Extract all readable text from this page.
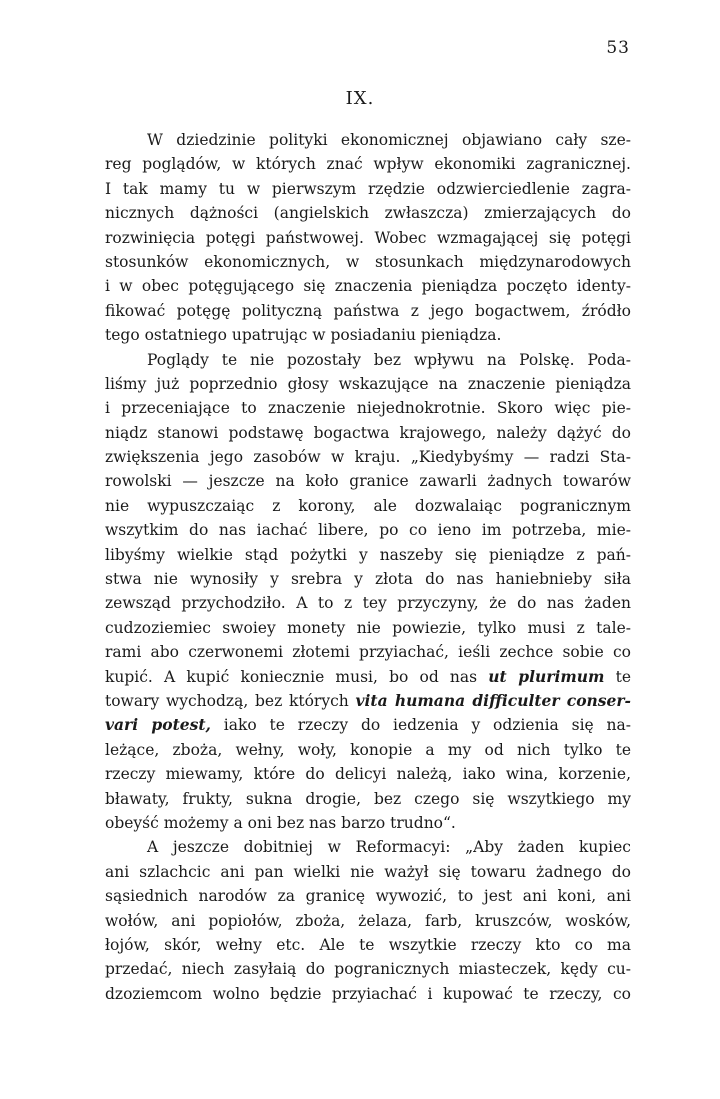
53
IX.
W dziedzinie polityki ekonomicznej objawiano cały sze-
reg poglądów, w których znać wpływ ekonomiki zagranicznej.
I tak mamy tu w pierwszym rzędzie odzwierciedlenie zagra-
nicznych dążności (angielskich zwłaszcza) zmierzających do
rozwinięcia potęgi państwowej. Wobec wzmagającej się potęgi
stosunków ekonomicznych, w stosunkach międzynarodowych
i w obec potęgującego się znaczenia pieniądza poczęto identy-
fikować potęgę polityczną państwa z jego bogactwem, źródło
tego ostatniego upatrując w posiadaniu pieniądza.
Poglądy te nie pozostały bez wpływu na Polskę. Poda-
liśmy już poprzednio głosy wskazujące na znaczenie pieniądza
i przeceniające to znaczenie niejednokrotnie. Skoro więc pie-
niądz stanowi podstawę bogactwa krajowego, należy dążyć do
zwiększenia jego zasobów w kraju. „Kiedybyśmy — radzi Sta-
rowolski — jeszcze na koło granice zawarli żadnych towarów
nie wypuszczaiąc z korony, ale dozwalaiąc pogranicznym
wszytkim do nas iachać libere, po co ieno im potrzeba, mie-
libyśmy wielkie stąd pożytki y naszeby się pieniądze z pań-
stwa nie wynosiły y srebra y złota do nas haniebnieby siła
zewsząd przychodziło. A to z tey przyczyny, że do nas żaden
cudzoziemiec swoiey monety nie powiezie, tylko musi z tale-
rami abo czerwonemi złotemi przyiachać, ieśli zechce sobie co
kupić. A kupić koniecznie musi, bo od nas ut plurimum te
towary wychodzą, bez których vita humana difficulter conser-
vari potest, iako te rzeczy do iedzenia y odzienia się na-
leżące, zboża, wełny, woły, konopie a my od nich tylko te
rzeczy miewamy, które do delicyi należą, iako wina, korzenie,
bławaty, frukty, sukna drogie, bez czego się wszytkiego my
obeyść możemy a oni bez nas barzo trudno“.
A jeszcze dobitniej w Reformacyi: „Aby żaden kupiec
ani szlachcic ani pan wielki nie ważył się towaru żadnego do
sąsiednich narodów za granicę wywozić, to jest ani koni, ani
wołów, ani popiołów, zboża, żelaza, farb, kruszców, wosków,
łojów, skór, wełny etc. Ale te wszytkie rzeczy kto co ma
przedać, niech zasyłaią do pogranicznych miasteczek, kędy cu-
dzoziemcom wolno będzie przyiachać i kupować te rzeczy, co
